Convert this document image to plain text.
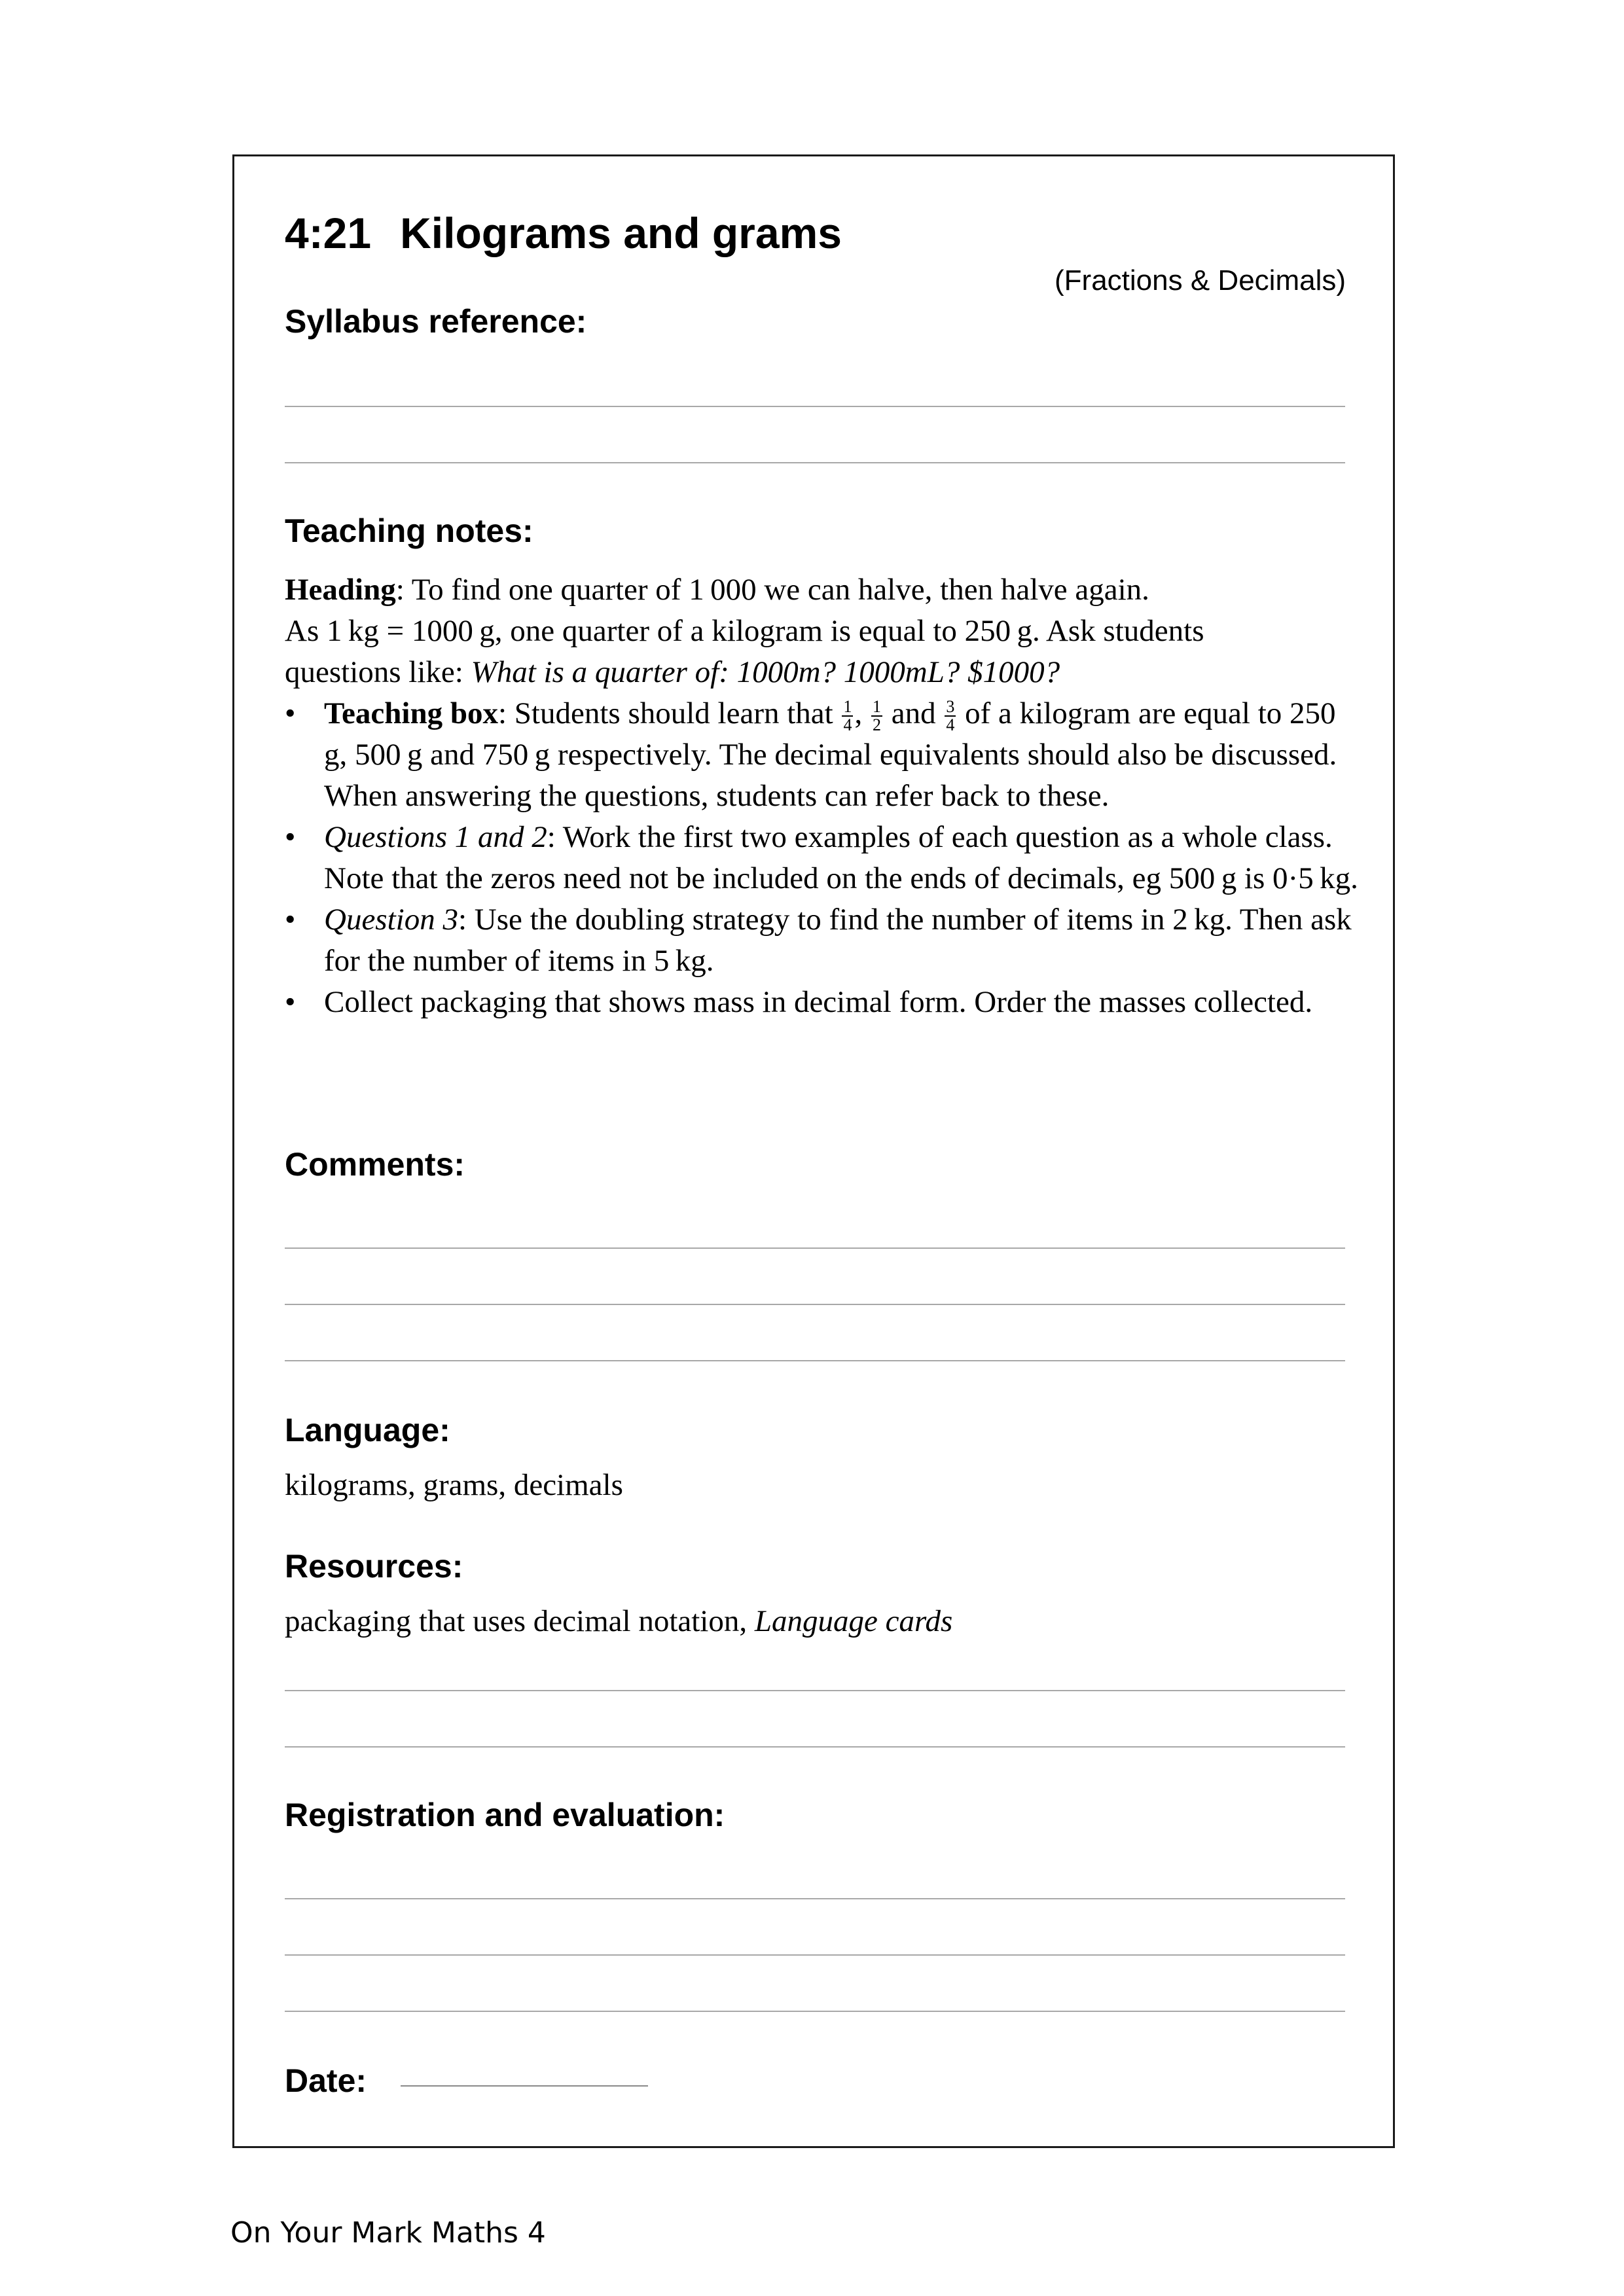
4:21 Kilograms and grams
(Fractions & Decimals)
Syllabus reference:
Teaching notes:

Heading: To find one quarter of 1 000 we can halve, then halve again.

As 1 kg = 1000 g, one quarter of a kilogram is equal to 250 g. Ask students

questions like: What is a quarter of: 1000m? 1000mL? $1000?

• Teaching box: Students should learn that $\frac{1}{4}$ , $\frac{1}{2}$ and $\frac{3}{4}$ of a kilogram are equal to 250 g, 500 g and 750 g respectively. The decimal equivalents should also be discussed. When answering the questions, students can refer back to these.
• Questions 1 and 2: Work the first two examples of each question as a whole class. Note that the zeros need not be included on the ends of decimals, eg 500 g is 0·5 kg.
• Question 3: Use the doubling strategy to find the number of items in 2 kg. Then ask for the number of items in 5 kg.
• Collect packaging that shows mass in decimal form. Order the masses collected.
Comments:
Language:
kilograms, grams, decimals
Resources:
packaging that uses decimal notation, Language cards
Registration and evaluation:
Date:
On Your Mark Maths 4
